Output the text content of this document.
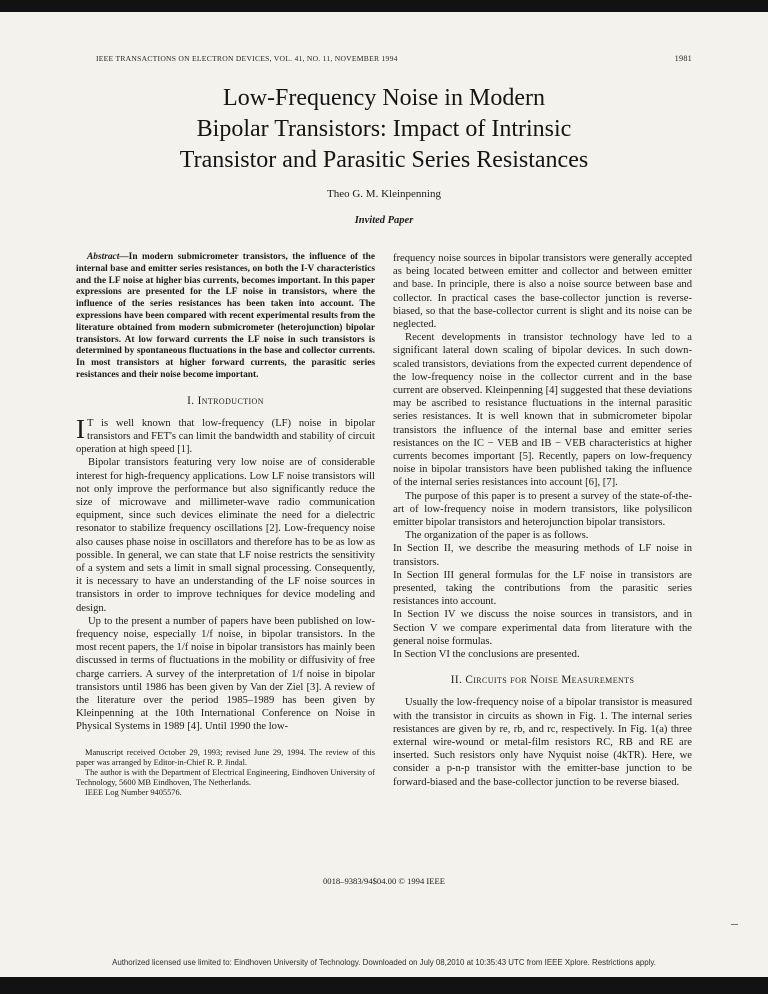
IEEE TRANSACTIONS ON ELECTRON DEVICES, VOL. 41, NO. 11, NOVEMBER 1994	1981
Low-Frequency Noise in Modern
Bipolar Transistors: Impact of Intrinsic
Transistor and Parasitic Series Resistances
Theo G. M. Kleinpenning
Invited Paper

Abstract—In modern submicrometer transistors, the influence of the internal base and emitter series resistances, on both the I-V characteristics and the LF noise at higher bias currents, becomes important. In this paper expressions are presented for the LF noise in transistors, where the influence of the series resistances has been taken into account. The expressions have been compared with recent experimental results from the literature obtained from modern submicrometer (heterojunction) bipolar transistors. At low forward currents the LF noise in such transistors is determined by spontaneous fluctuations in the base and collector currents. In most transistors at higher forward currents, the parasitic series resistances and their noise become important.

I. Introduction

I T is well known that low-frequency (LF) noise in bipolar transistors and FET's can limit the bandwidth and stability of circuit operation at high speed [1].

Bipolar transistors featuring very low noise are of considerable interest for high-frequency applications. Low LF noise transistors will not only improve the performance but also significantly reduce the size of microwave and millimeter-wave radio communication equipment, since such devices eliminate the need for a dielectric resonator to stabilize frequency oscillations [2]. Low-frequency noise also causes phase noise in oscillators and therefore has to be as low as possible. In general, we can state that LF noise restricts the sensitivity of a system and sets a limit in small signal processing. Consequently, it is necessary to have an understanding of the LF noise sources in transistors in order to improve techniques for device modeling and design.

Up to the present a number of papers have been published on low-frequency noise, especially 1/f noise, in bipolar transistors. In the most recent papers, the 1/f noise in bipolar transistors has mainly been discussed in terms of fluctuations in the mobility or diffusivity of free charge carriers. A survey of the interpretation of 1/f noise in bipolar transistors until 1986 has been given by Van der Ziel [3]. A review of the literature over the period 1985–1989 has been given by Kleinpenning at the 10th International Conference on Noise in Physical Systems in 1989 [4]. Until 1990 the low-

Manuscript received October 29, 1993; revised June 29, 1994. The review of this paper was arranged by Editor-in-Chief R. P. Jindal.

The author is with the Department of Electrical Engineering, Eindhoven University of Technology, 5600 MB Eindhoven, The Netherlands.

IEEE Log Number 9405576.

frequency noise sources in bipolar transistors were generally accepted as being located between emitter and collector and between emitter and base. In principle, there is also a noise source between base and collector. In practical cases the base-collector junction is reverse-biased, so that the base-collector current is slight and its noise can be neglected.

Recent developments in transistor technology have led to a significant lateral down scaling of bipolar devices. In such down-scaled transistors, deviations from the expected current dependence of the low-frequency noise in the collector current and in the base current are observed. Kleinpenning [4] suggested that these deviations may be ascribed to resistance fluctuations in the internal parasitic series resistances. It is well known that in submicrometer bipolar transistors the influence of the internal base and emitter series resistances on the IC − VEB and IB − VEB characteristics at higher currents becomes important [5]. Recently, papers on low-frequency noise in bipolar transistors have been published taking the influence of the internal series resistances into account [6], [7].

The purpose of this paper is to present a survey of the state-of-the-art of low-frequency noise in modern transistors, like polysilicon emitter bipolar transistors and heterojunction bipolar transistors.

The organization of the paper is as follows.

In Section II, we describe the measuring methods of LF noise in transistors.

In Section III general formulas for the LF noise in transistors are presented, taking the contributions from the parasitic series resistances into account.

In Section IV we discuss the noise sources in transistors, and in Section V we compare experimental data from literature with the general noise formulas.

In Section VI the conclusions are presented.

II. Circuits for Noise Measurements

Usually the low-frequency noise of a bipolar transistor is measured with the transistor in circuits as shown in Fig. 1. The internal series resistances are given by re, rb, and rc, respectively. In Fig. 1(a) three external wire-wound or metal-film resistors RC, RB and RE are inserted. Such resistors only have Nyquist noise (4kTR). Here, we consider a p-n-p transistor with the emitter-base junction to be forward-biased and the base-collector junction to be reverse biased.

0018–9383/94$04.00 © 1994 IEEE
Authorized licensed use limited to: Eindhoven University of Technology. Downloaded on July 08,2010 at 10:35:43 UTC from IEEE Xplore. Restrictions apply.
